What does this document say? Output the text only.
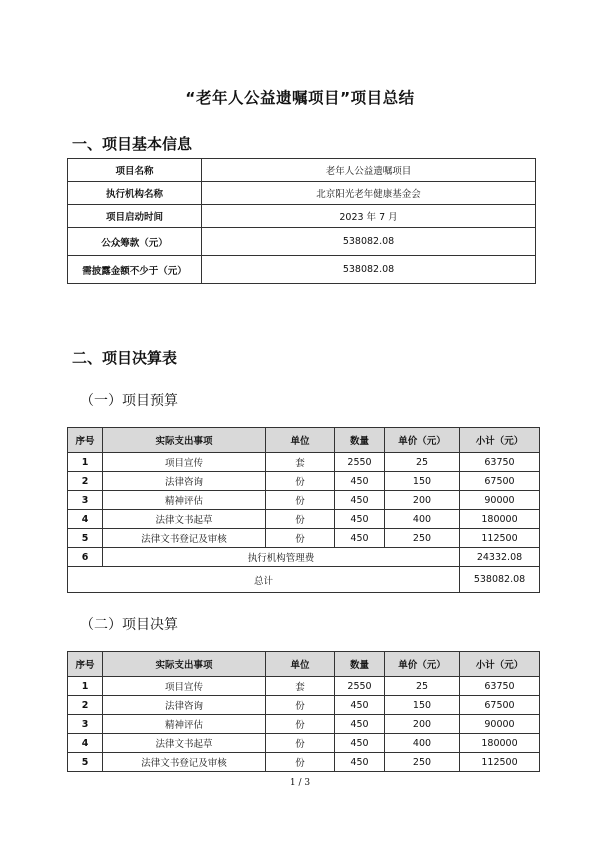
“老年人公益遗嘱项目”项目总结
一、项目基本信息
项目名称	老年人公益遗嘱项目
执行机构名称	北京阳光老年健康基金会
项目启动时间	2023 年 7 月
公众筹款（元）	538082.08
需披露金额不少于（元）	538082.08
二、项目决算表
（一）项目预算
序号	实际支出事项	单位	数量	单价（元）	小计（元）
1	项目宣传	套	2550	25	63750
2	法律咨询	份	450	150	67500
3	精神评估	份	450	200	90000
4	法律文书起草	份	450	400	180000
5	法律文书登记及审核	份	450	250	112500
6	执行机构管理费				24332.08
总计					538082.08
（二）项目决算
序号	实际支出事项	单位	数量	单价（元）	小计（元）
1	项目宣传	套	2550	25	63750
2	法律咨询	份	450	150	67500
3	精神评估	份	450	200	90000
4	法律文书起草	份	450	400	180000
5	法律文书登记及审核	份	450	250	112500
1 / 3
